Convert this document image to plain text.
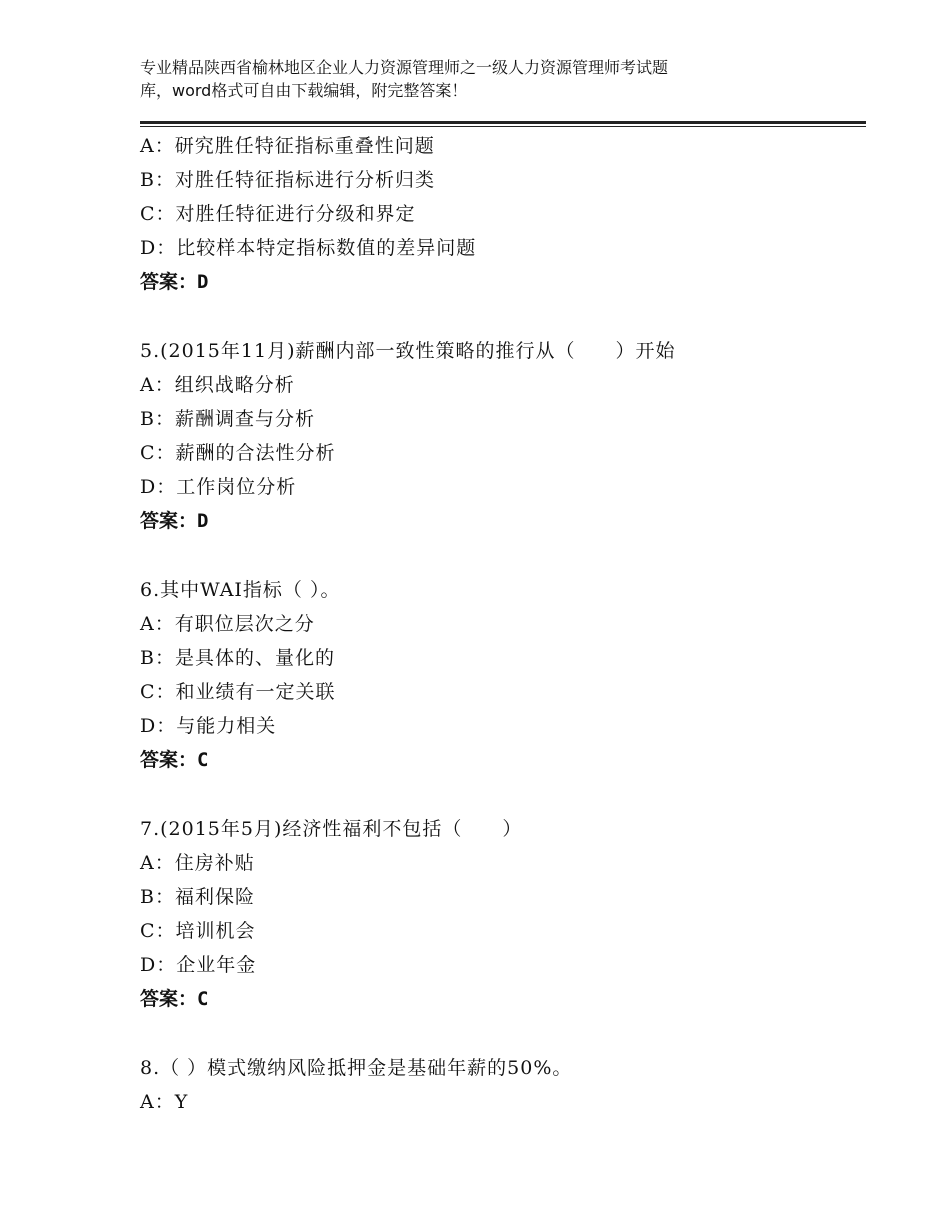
专业精品陕西省榆林地区企业人力资源管理师之一级人力资源管理师考试题
库，word格式可自由下载编辑，附完整答案！
A：研究胜任特征指标重叠性问题
B：对胜任特征指标进行分析归类
C：对胜任特征进行分级和界定
D：比较样本特定指标数值的差异问题
答案：D
5.(2015年11月)薪酬内部一致性策略的推行从（　　）开始
A：组织战略分析
B：薪酬调查与分析
C：薪酬的合法性分析
D：工作岗位分析
答案：D
6.其中WAI指标（ ）。
A：有职位层次之分
B：是具体的、量化的
C：和业绩有一定关联
D：与能力相关
答案：C
7.(2015年5月)经济性福利不包括（　　）
A：住房补贴
B：福利保险
C：培训机会
D：企业年金
答案：C
8.（ ）模式缴纳风险抵押金是基础年薪的50%。
A：Y
